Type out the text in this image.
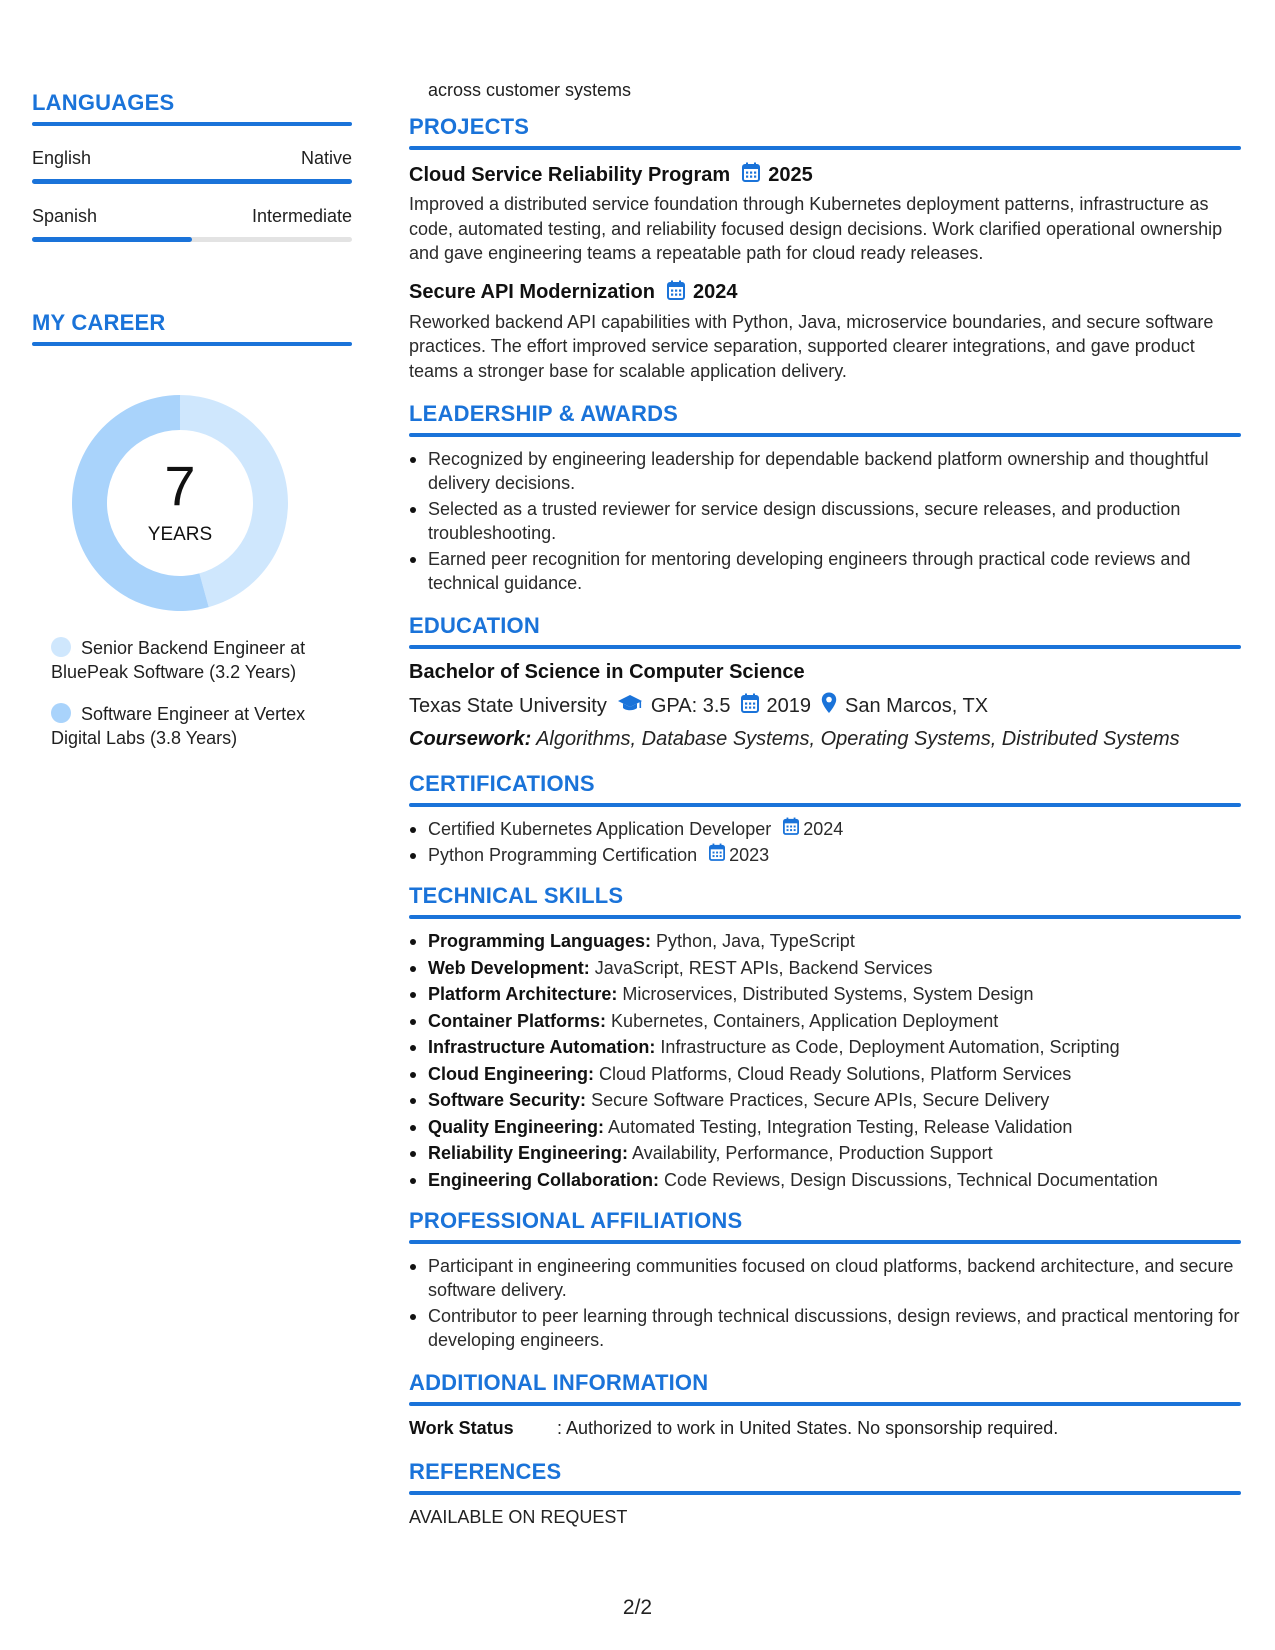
LANGUAGES
English	Native
Spanish	Intermediate
MY CAREER
7
YEARS
Senior Backend Engineer at BluePeak Software (3.2 Years)
Software Engineer at Vertex Digital Labs (3.8 Years)
across customer systems
PROJECTS
Cloud Service Reliability Program 2025
Improved a distributed service foundation through Kubernetes deployment patterns, infrastructure as code, automated testing, and reliability focused design decisions. Work clarified operational ownership and gave engineering teams a repeatable path for cloud ready releases.
Secure API Modernization 2024
Reworked backend API capabilities with Python, Java, microservice boundaries, and secure software practices. The effort improved service separation, supported clearer integrations, and gave product teams a stronger base for scalable application delivery.
LEADERSHIP & AWARDS
Recognized by engineering leadership for dependable backend platform ownership and thoughtful delivery decisions.
Selected as a trusted reviewer for service design discussions, secure releases, and production troubleshooting.
Earned peer recognition for mentoring developing engineers through practical code reviews and technical guidance.
EDUCATION
Bachelor of Science in Computer Science
Texas State University GPA: 3.5 2019 San Marcos, TX
Coursework: Algorithms, Database Systems, Operating Systems, Distributed Systems
CERTIFICATIONS
Certified Kubernetes Application Developer 2024
Python Programming Certification 2023
TECHNICAL SKILLS
Programming Languages: Python, Java, TypeScript
Web Development: JavaScript, REST APIs, Backend Services
Platform Architecture: Microservices, Distributed Systems, System Design
Container Platforms: Kubernetes, Containers, Application Deployment
Infrastructure Automation: Infrastructure as Code, Deployment Automation, Scripting
Cloud Engineering: Cloud Platforms, Cloud Ready Solutions, Platform Services
Software Security: Secure Software Practices, Secure APIs, Secure Delivery
Quality Engineering: Automated Testing, Integration Testing, Release Validation
Reliability Engineering: Availability, Performance, Production Support
Engineering Collaboration: Code Reviews, Design Discussions, Technical Documentation
PROFESSIONAL AFFILIATIONS
Participant in engineering communities focused on cloud platforms, backend architecture, and secure software delivery.
Contributor to peer learning through technical discussions, design reviews, and practical mentoring for developing engineers.
ADDITIONAL INFORMATION
Work Status	: Authorized to work in United States. No sponsorship required.
REFERENCES
AVAILABLE ON REQUEST
2/2
